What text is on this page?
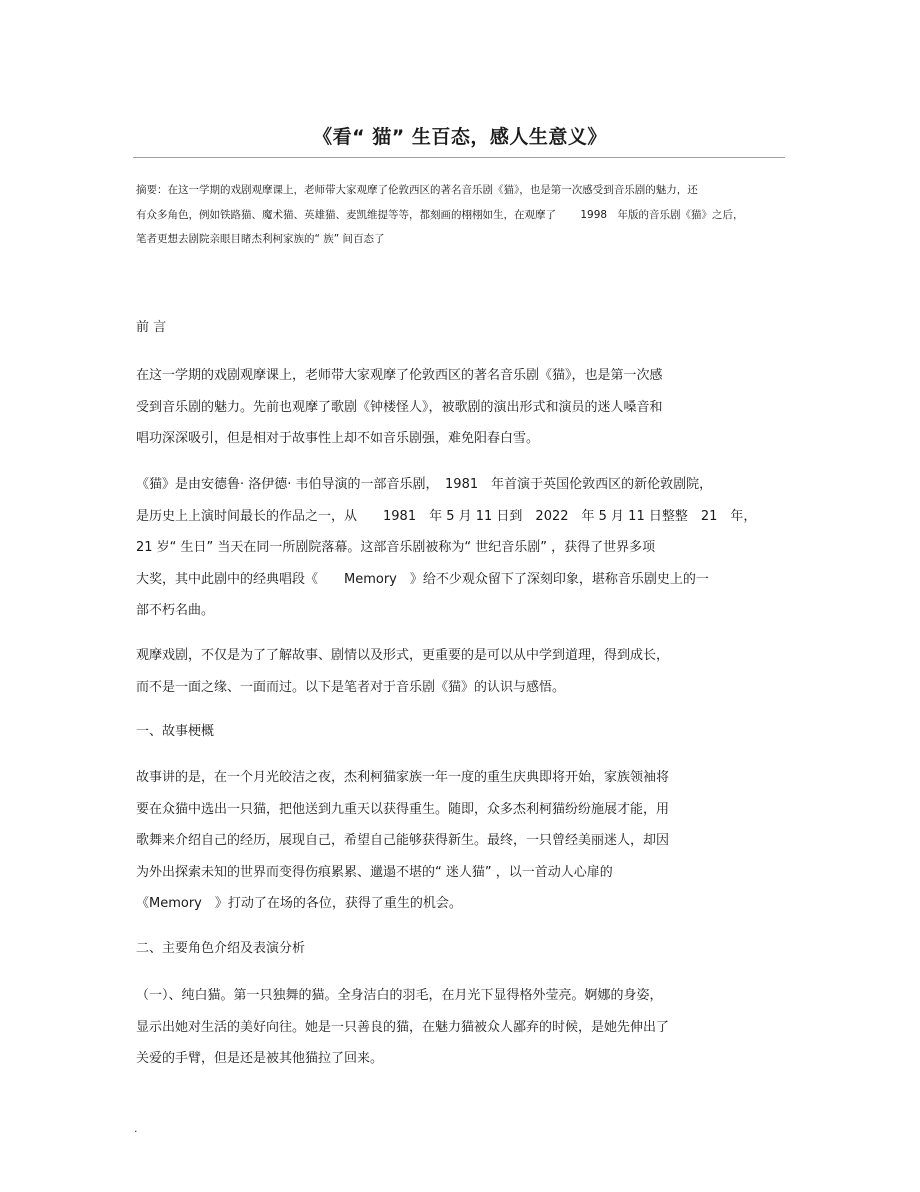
《看“ 猫” 生百态，感人生意义》
摘要：在这一学期的戏剧观摩课上，老师带大家观摩了伦敦西区的著名音乐剧《猫》，也是第一次感受到音乐剧的魅力，还
有众多角色，例如铁路猫、魔术猫、英雄猫、麦凯维提等等，都刻画的栩栩如生，在观摩了　　 1998　年版的音乐剧《猫》之后，
笔者更想去剧院亲眼目睹杰利柯家族的“ 族” 间百态了
前 言
在这一学期的戏剧观摩课上，老师带大家观摩了伦敦西区的著名音乐剧《猫》，也是第一次感
受到音乐剧的魅力。先前也观摩了歌剧《钟楼怪人》，被歌剧的演出形式和演员的迷人嗓音和
唱功深深吸引，但是相对于故事性上却不如音乐剧强，难免阳春白雪。
《猫》是由安德鲁· 洛伊德· 韦伯导演的一部音乐剧，　1981　年首演于英国伦敦西区的新伦敦剧院，
是历史上上演时间最长的作品之一，从　　1981　年 5 月 11 日到　2022　年 5 月 11 日整整　21　年，
21 岁“ 生日” 当天在同一所剧院落幕。这部音乐剧被称为“ 世纪音乐剧” ，获得了世界多项
大奖，其中此剧中的经典唱段《　　Memory　》给不少观众留下了深刻印象，堪称音乐剧史上的一
部不朽名曲。
观摩戏剧，不仅是为了了解故事、剧情以及形式，更重要的是可以从中学到道理，得到成长，
而不是一面之缘、一面而过。以下是笔者对于音乐剧《猫》的认识与感悟。
一、故事梗概
故事讲的是，在一个月光皎洁之夜，杰利柯猫家族一年一度的重生庆典即将开始，家族领袖将
要在众猫中选出一只猫，把他送到九重天以获得重生。随即，众多杰利柯猫纷纷施展才能，用
歌舞来介绍自己的经历，展现自己，希望自己能够获得新生。最终，一只曾经美丽迷人，却因
为外出探索未知的世界而变得伤痕累累、邋遢不堪的“ 迷人猫” ，以一首动人心扉的
《Memory　》打动了在场的各位，获得了重生的机会。
二、主要角色介绍及表演分析
（一）、纯白猫。第一只独舞的猫。全身洁白的羽毛，在月光下显得格外莹亮。婀娜的身姿，
显示出她对生活的美好向往。她是一只善良的猫，在魅力猫被众人鄙弃的时候，是她先伸出了
关爱的手臂，但是还是被其他猫拉了回来。
.
